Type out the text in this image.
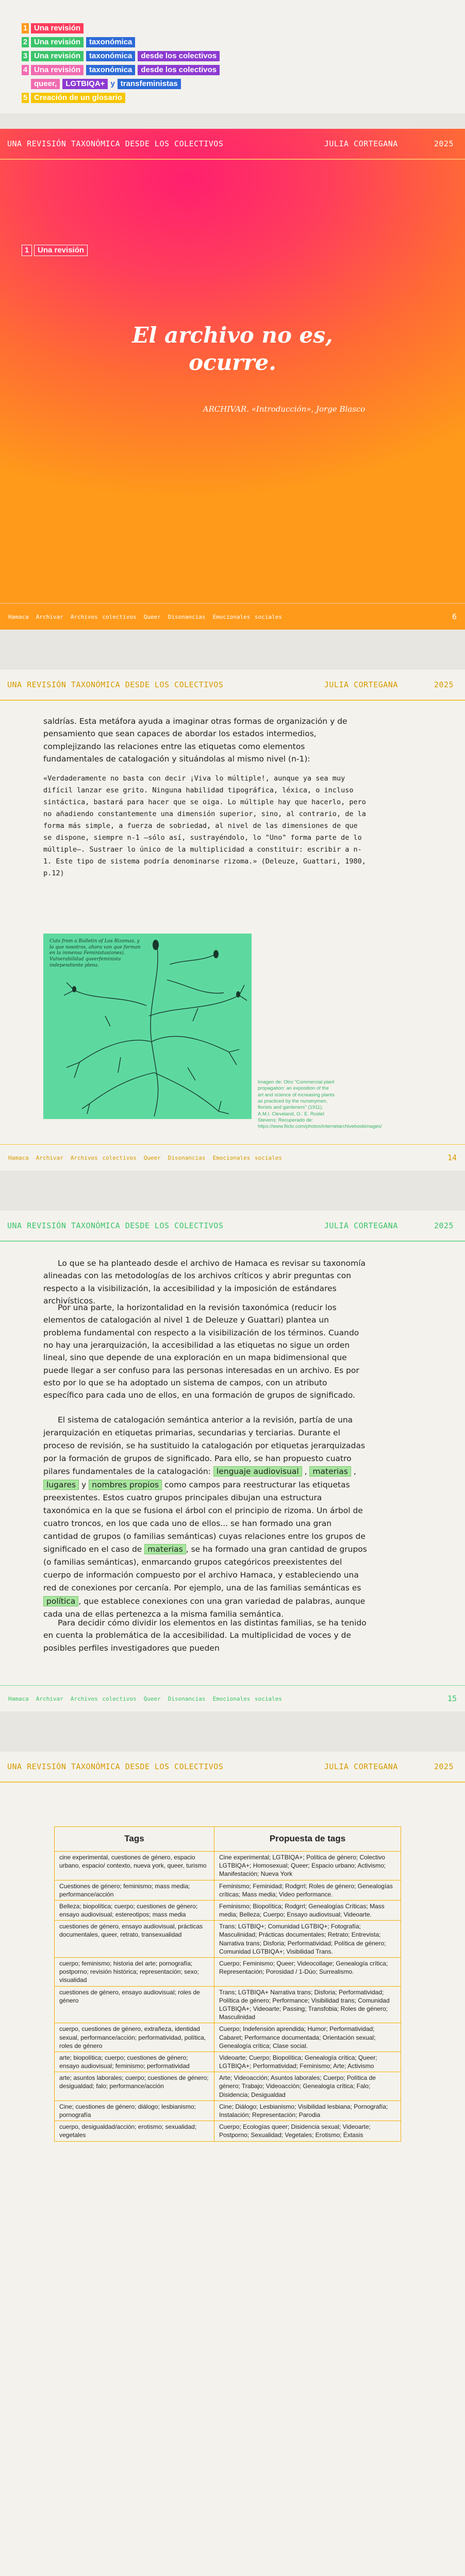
1 Una revisión
2 Una revisión	taxonómica
3 Una revisión	taxonómica	desde los colectivos
4 Una revisión	taxonómica	desde los colectivos
queer,	LGTBIQA+ y transfeministas
5 Creación de un glosario
UNA REVISIÓN TAXONÓMICA DESDE LOS COLECTIVOS	JULIA CORTEGANA	2025
1	Una revisión
El archivo no es,
ocurre.
ARCHIVAR. «Introducción», Jorge Blasco
Hamaca Archivar Archivos colectivos Queer Disonancias Emocionales sociales	6
UNA REVISIÓN TAXONÓMICA DESDE LOS COLECTIVOS	JULIA CORTEGANA	2025
saldrías. Esta metáfora ayuda a imaginar otras formas de organización y de pensamiento que sean capaces de abordar los estados intermedios, complejizando las relaciones entre las etiquetas como elementos fundamentales de catalogación y situándolas al mismo nivel (n-1):
«Verdaderamente no basta con decir ¡Viva lo múltiple!, aunque ya sea muy difícil lanzar ese grito. Ninguna habilidad tipográfica, léxica, o incluso sintáctica, bastará para hacer que se oiga. Lo múltiple hay que hacerlo, pero no añadiendo constantemente una dimensión superior, sino, al contrario, de la forma más simple, a fuerza de sobriedad, al nivel de las dimensiones de que se dispone, siempre n-1 –sólo así, sustrayéndolo, lo "Uno" forma parte de lo múltiple–. Sustraer lo único de la multiplicidad a constituir: escribir a n-1. Este tipo de sistema podría denominarse rizoma.» (Deleuze, Guattari, 1980, p.12)
Cuts from a Bulletin of Los Rizomas, y lo que nosotros, ahora van que forman en la inmensa Feministas(ones). Vulnerabilidad queerfeminista independiente plena.
Imagen de: Otro "Commercial plant propagation: an exposition of the art and science of increasing plants as practiced by the nurserymen, florists and gardeners" (1911). A.M.I. Cleveland, O.: E. Rostel Stevens; Recuperado de: https://www.flickr.com/photos/internetarchivebookimages/
Hamaca Archivar Archivos colectivos Queer Disonancias Emocionales sociales	14
UNA REVISIÓN TAXONÓMICA DESDE LOS COLECTIVOS	JULIA CORTEGANA	2025
Lo que se ha planteado desde el archivo de Hamaca es revisar su taxonomía alineadas con las metodologías de los archivos críticos y abrir preguntas con respecto a la visibilización, la accesibilidad y la imposición de estándares archivísticos.
Por una parte, la horizontalidad en la revisión taxonómica (reducir los elementos de catalogación al nivel 1 de Deleuze y Guattari) plantea un problema fundamental con respecto a la visibilización de los términos. Cuando no hay una jerarquización, la accesibilidad a las etiquetas no sigue un orden lineal, sino que depende de una exploración en un mapa bidimensional que puede llegar a ser confuso para las personas interesadas en un archivo. Es por esto por lo que se ha adoptado un sistema de campos, con un atributo específico para cada uno de ellos, en una formación de grupos de significado.
El sistema de catalogación semántica anterior a la revisión, partía de una jerarquización en etiquetas primarias, secundarias y terciarias. Durante el proceso de revisión, se ha sustituido la catalogación por etiquetas jerarquizadas por la formación de grupos de significado. Para ello, se han propuesto cuatro pilares fundamentales de la catalogación: lenguaje audiovisual , materias , lugares y nombres propios como campos para reestructurar las etiquetas preexistentes. Estos cuatro grupos principales dibujan una estructura taxonómica en la que se fusiona el árbol con el principio de rizoma. Un árbol de cuatro troncos, en los que cada uno de ellos... se han formado una gran cantidad de grupos (o familias semánticas) cuyas relaciones entre los grupos de significado en el caso de materias , se ha formado una gran cantidad de grupos (o familias semánticas), enmarcando grupos categóricos preexistentes del cuerpo de información compuesto por el archivo Hamaca, y estableciendo una red de conexiones por cercanía. Por ejemplo, una de las familias semánticas es política , que establece conexiones con una gran variedad de palabras, aunque cada una de ellas pertenezca a la misma familia semántica.
Para decidir cómo dividir los elementos en las distintas familias, se ha tenido en cuenta la problemática de la accesibilidad. La multiplicidad de voces y de posibles perfiles investigadores que pueden
Hamaca Archivar Archivos colectivos Queer Disonancias Emocionales sociales	15
UNA REVISIÓN TAXONÓMICA DESDE LOS COLECTIVOS	JULIA CORTEGANA	2025
Tags	Propuesta de tags
cine experimental, cuestiones de género, espacio urbano, espacio/ contexto, nueva york, queer, turismo	Cine experimental; LGTBIQA+; Política de género; Colectivo LGTBIQA+; Homosexual; Queer; Espacio urbano; Activismo; Manifestación; Nueva York
Cuestiones de género; feminismo; mass media; performance/acción	Feminismo; Feminidad; Rodgrrl; Roles de género; Genealogías críticas; Mass media; Video performance.
Belleza; biopolítica; cuerpo; cuestiones de género; ensayo audiovisual; estereotipos; mass media	Feminismo; Biopolítica; Rodgrrl; Genealogías Críticas; Mass media; Belleza; Cuerpo; Ensayo audiovisual; Videoarte.
cuestiones de género, ensayo audiovisual, prácticas documentales, queer, retrato, transexualidad	Trans; LGTBIQ+; Comunidad LGTBIQ+; Fotografía; Masculinidad; Prácticas documentales; Retrato; Entrevista; Narrativa trans; Disforia; Performatividad; Política de género; Comunidad LGTBIQA+; Visibilidad Trans.
cuerpo; feminismo; historia del arte; pornografía; postporno; revisión histórica; representación; sexo; visualidad	Cuerpo; Feminismo; Queer; Videocollage; Genealogía crítica; Representación; Porosidad / 1-Dúo; Surrealismo.
cuestiones de género, ensayo audiovisual; roles de género	Trans; LGTBIQA+ Narrativa trans; Disforia; Performatividad; Política de género; Performance; Visibilidad trans; Comunidad LGTBIQA+; Videoarte; Passing; Transfobia; Roles de género; Masculinidad
cuerpo, cuestiones de género, extrañeza, identidad sexual, performance/acción; performatividad, política, roles de género	Cuerpo; Indefensión aprendida; Humor; Performatividad; Cabaret; Performance documentada; Orientación sexual; Genealogía crítica; Clase social.
arte; biopolítica; cuerpo; cuestiones de género; ensayo audiovisual; feminismo; performatividad	Videoarte; Cuerpo; Biopolítica; Genealogía crítica; Queer; LGTBIQA+; Performatividad; Feminismo; Arte; Activismo
arte; asuntos laborales; cuerpo; cuestiones de género; desigualdad; falo; performance/acción	Arte; Videoacción; Asuntos laborales; Cuerpo; Política de género; Trabajo; Videoacción; Genealogía crítica; Falo; Disidencia; Desigualdad
Cine; cuestiones de género; diálogo; lesbianismo; pornografía	Cine; Diálogo; Lesbianismo; Visibilidad lesbiana; Pornografía; Instalación; Representación; Parodia
cuerpo, desigualdad/acción; erotismo; sexualidad; vegetales	Cuerpo; Ecologías queer; Disidencia sexual; Videoarte; Postporno; Sexualidad; Vegetales; Erotismo; Éxtasis
